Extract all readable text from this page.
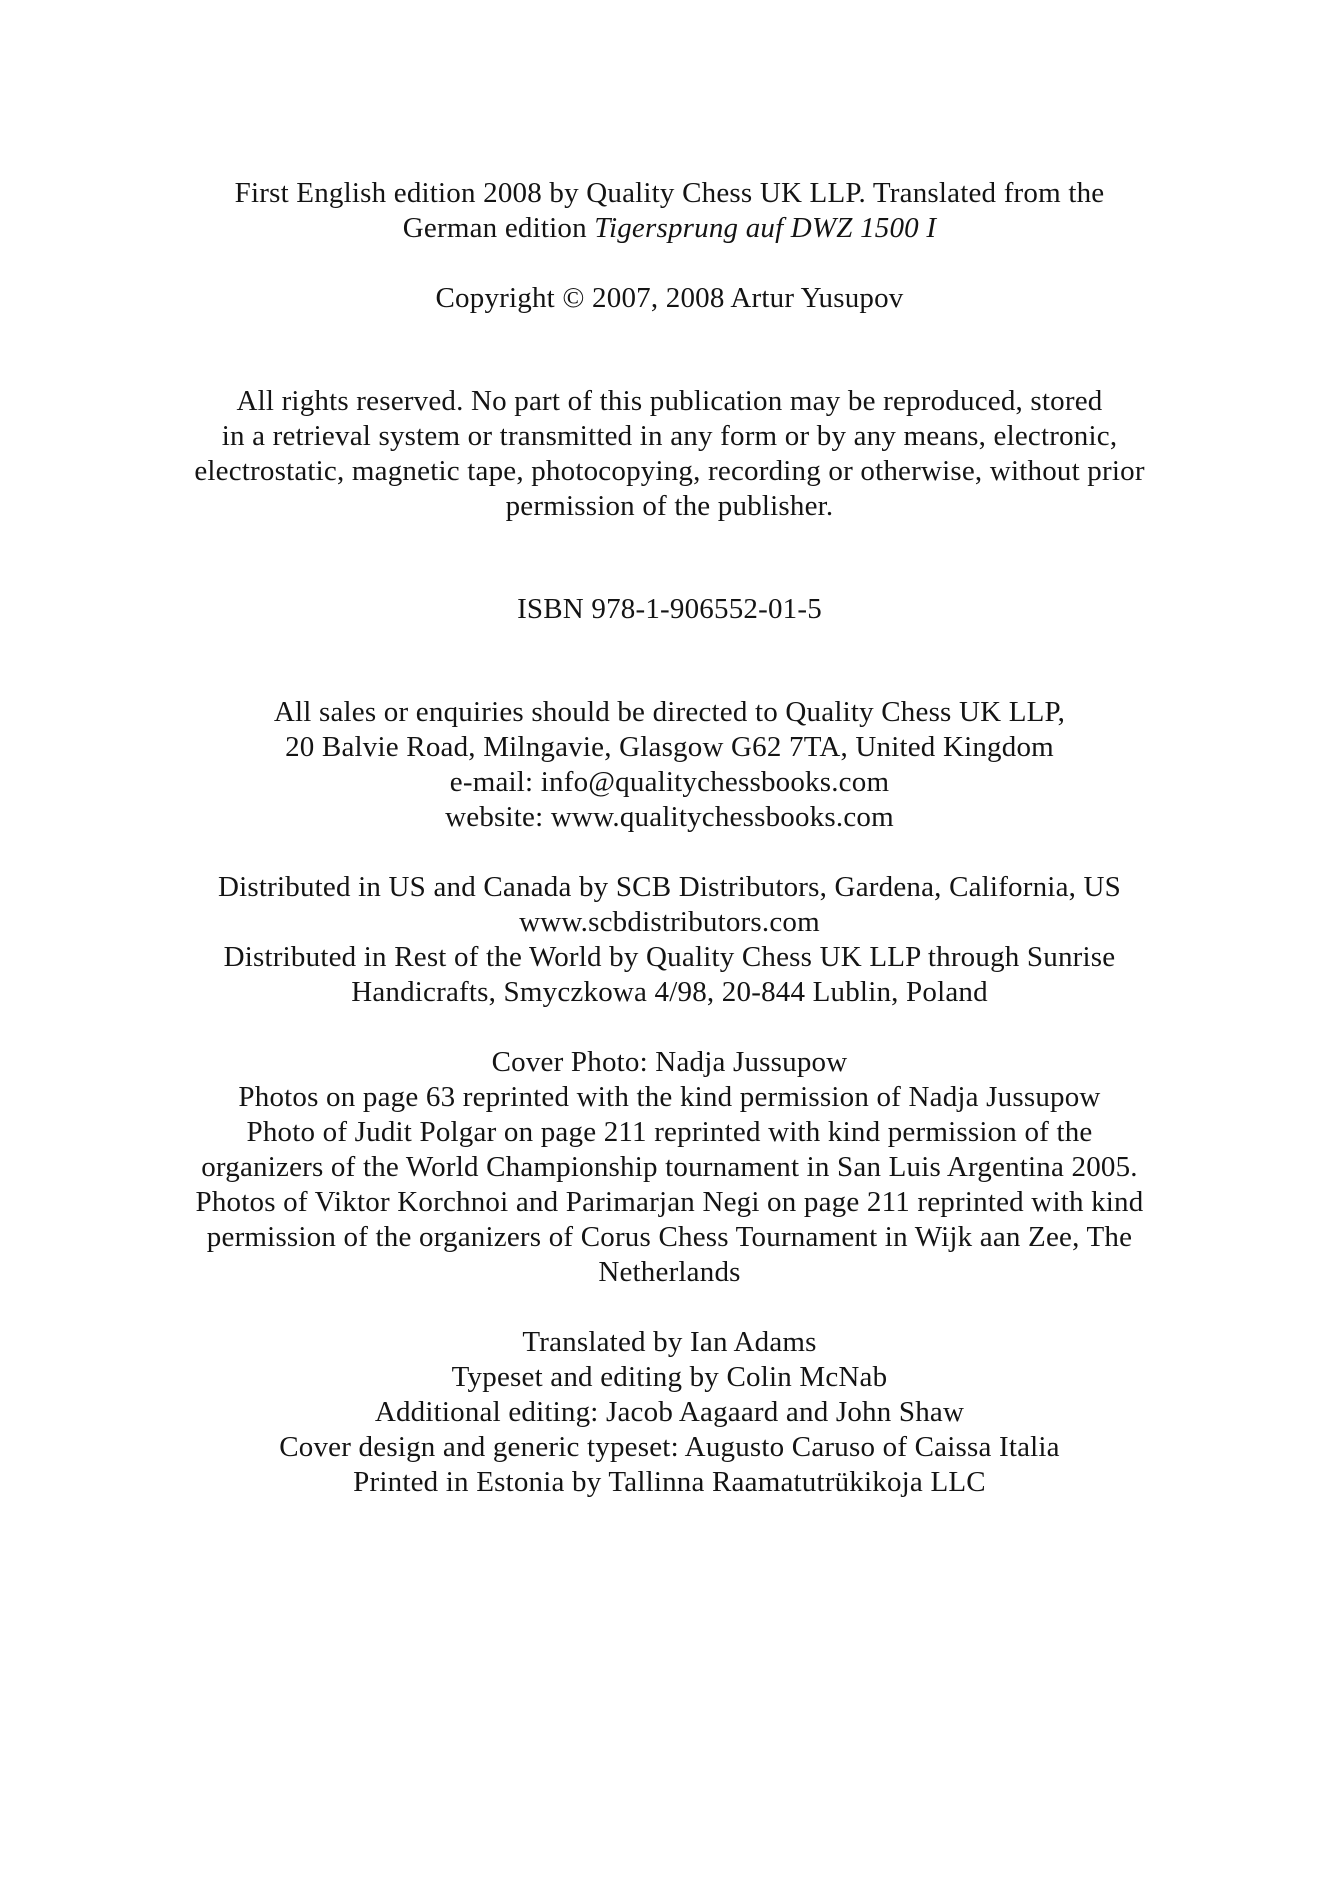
First English edition 2008 by Quality Chess UK LLP. Translated from the
German edition Tigersprung auf DWZ 1500 I
Copyright © 2007, 2008 Artur Yusupov
All rights reserved. No part of this publication may be reproduced, stored
in a retrieval system or transmitted in any form or by any means, electronic,
electrostatic, magnetic tape, photocopying, recording or otherwise, without prior
permission of the publisher.
ISBN 978-1-906552-01-5
All sales or enquiries should be directed to Quality Chess UK LLP,
20 Balvie Road, Milngavie, Glasgow G62 7TA, United Kingdom
e-mail: info@qualitychessbooks.com
website: www.qualitychessbooks.com
Distributed in US and Canada by SCB Distributors, Gardena, California, US
www.scbdistributors.com
Distributed in Rest of the World by Quality Chess UK LLP through Sunrise
Handicrafts, Smyczkowa 4/98, 20-844 Lublin, Poland
Cover Photo: Nadja Jussupow
Photos on page 63 reprinted with the kind permission of Nadja Jussupow
Photo of Judit Polgar on page 211 reprinted with kind permission of the
organizers of the World Championship tournament in San Luis Argentina 2005.
Photos of Viktor Korchnoi and Parimarjan Negi on page 211 reprinted with kind
permission of the organizers of Corus Chess Tournament in Wijk aan Zee, The
Netherlands
Translated by Ian Adams
Typeset and editing by Colin McNab
Additional editing: Jacob Aagaard and John Shaw
Cover design and generic typeset: Augusto Caruso of Caissa Italia
Printed in Estonia by Tallinna Raamatutrükikoja LLC
